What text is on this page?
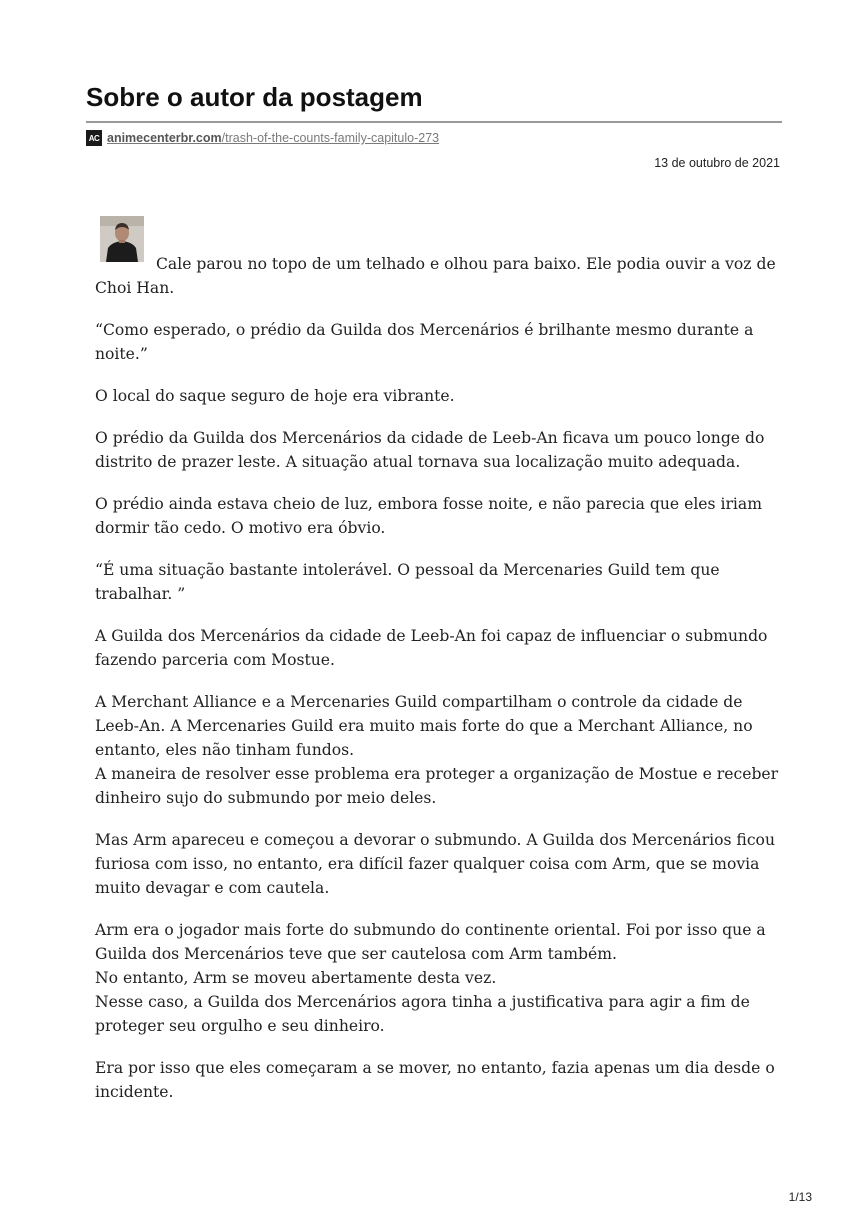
Sobre o autor da postagem
AC animecenterbr.com/trash-of-the-counts-family-capitulo-273
13 de outubro de 2021

Cale parou no topo de um telhado e olhou para baixo. Ele podia ouvir a voz de Choi Han.

“Como esperado, o prédio da Guilda dos Mercenários é brilhante mesmo durante a noite.”

O local do saque seguro de hoje era vibrante.

O prédio da Guilda dos Mercenários da cidade de Leeb-An ficava um pouco longe do distrito de prazer leste. A situação atual tornava sua localização muito adequada.

O prédio ainda estava cheio de luz, embora fosse noite, e não parecia que eles iriam dormir tão cedo. O motivo era óbvio.

“É uma situação bastante intolerável. O pessoal da Mercenaries Guild tem que trabalhar. ”

A Guilda dos Mercenários da cidade de Leeb-An foi capaz de influenciar o submundo fazendo parceria com Mostue.

A Merchant Alliance e a Mercenaries Guild compartilham o controle da cidade de Leeb-An. A Mercenaries Guild era muito mais forte do que a Merchant Alliance, no entanto, eles não tinham fundos.

A maneira de resolver esse problema era proteger a organização de Mostue e receber dinheiro sujo do submundo por meio deles.

Mas Arm apareceu e começou a devorar o submundo. A Guilda dos Mercenários ficou furiosa com isso, no entanto, era difícil fazer qualquer coisa com Arm, que se movia muito devagar e com cautela.

Arm era o jogador mais forte do submundo do continente oriental. Foi por isso que a Guilda dos Mercenários teve que ser cautelosa com Arm também.

No entanto, Arm se moveu abertamente desta vez.

Nesse caso, a Guilda dos Mercenários agora tinha a justificativa para agir a fim de proteger seu orgulho e seu dinheiro.

Era por isso que eles começaram a se mover, no entanto, fazia apenas um dia desde o incidente.

1/13
